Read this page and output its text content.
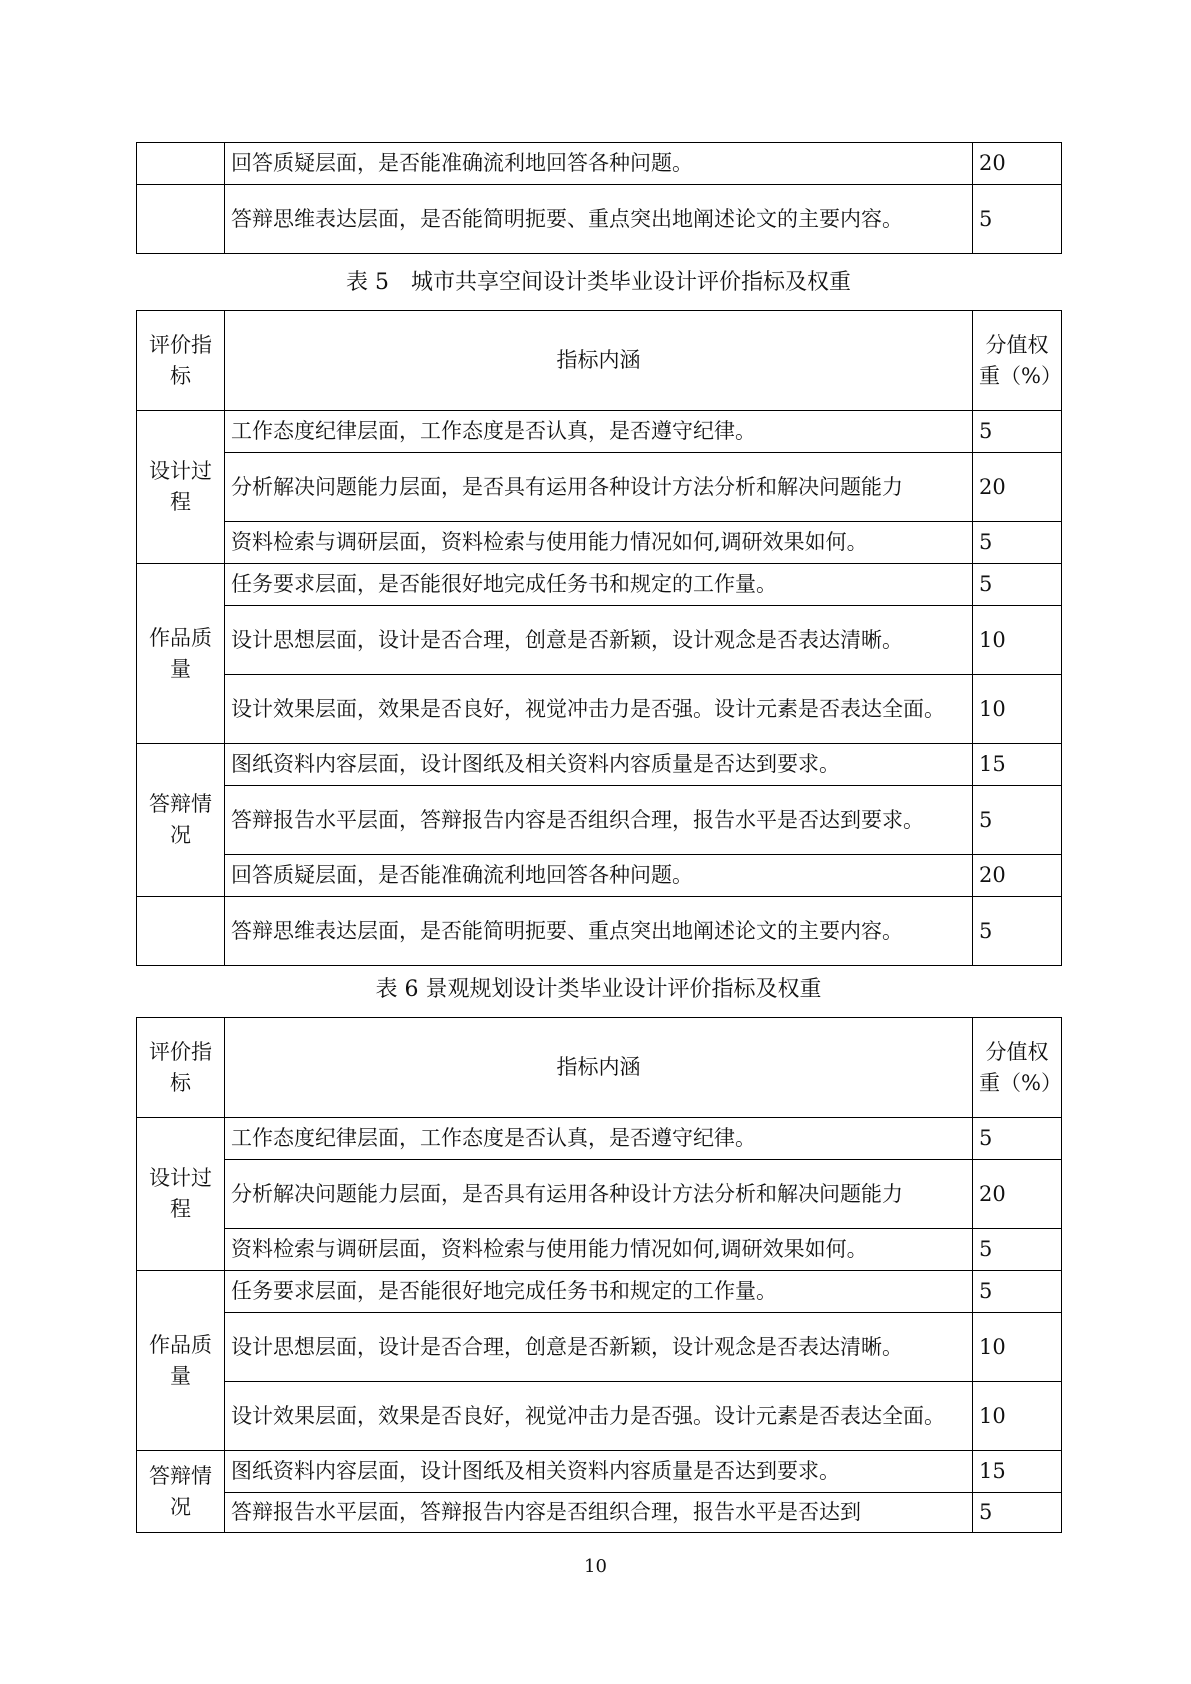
	回答质疑层面，是否能准确流利地回答各种问题。	20
	答辩思维表达层面，是否能简明扼要、重点突出地阐述论文的主要内容。	5
表 5　城市共享空间设计类毕业设计评价指标及权重
评价指标	指标内涵	分值权重（%）
设计过程	工作态度纪律层面，工作态度是否认真，是否遵守纪律。	5
	分析解决问题能力层面，是否具有运用各种设计方法分析和解决问题能力	20
	资料检索与调研层面，资料检索与使用能力情况如何,调研效果如何。	5
作品质量	任务要求层面，是否能很好地完成任务书和规定的工作量。	5
	设计思想层面，设计是否合理，创意是否新颖，设计观念是否表达清晰。	10
	设计效果层面，效果是否良好，视觉冲击力是否强。设计元素是否表达全面。	10
答辩情况	图纸资料内容层面，设计图纸及相关资料内容质量是否达到要求。	15
	答辩报告水平层面，答辩报告内容是否组织合理，报告水平是否达到要求。	5
	回答质疑层面，是否能准确流利地回答各种问题。	20
	答辩思维表达层面，是否能简明扼要、重点突出地阐述论文的主要内容。	5
表 6 景观规划设计类毕业设计评价指标及权重
评价指标	指标内涵	分值权重（%）
设计过程	工作态度纪律层面，工作态度是否认真，是否遵守纪律。	5
	分析解决问题能力层面，是否具有运用各种设计方法分析和解决问题能力	20
	资料检索与调研层面，资料检索与使用能力情况如何,调研效果如何。	5
作品质量	任务要求层面，是否能很好地完成任务书和规定的工作量。	5
	设计思想层面，设计是否合理，创意是否新颖，设计观念是否表达清晰。	10
	设计效果层面，效果是否良好，视觉冲击力是否强。设计元素是否表达全面。	10
答辩情况	图纸资料内容层面，设计图纸及相关资料内容质量是否达到要求。	15
	答辩报告水平层面，答辩报告内容是否组织合理，报告水平是否达到	5
10
